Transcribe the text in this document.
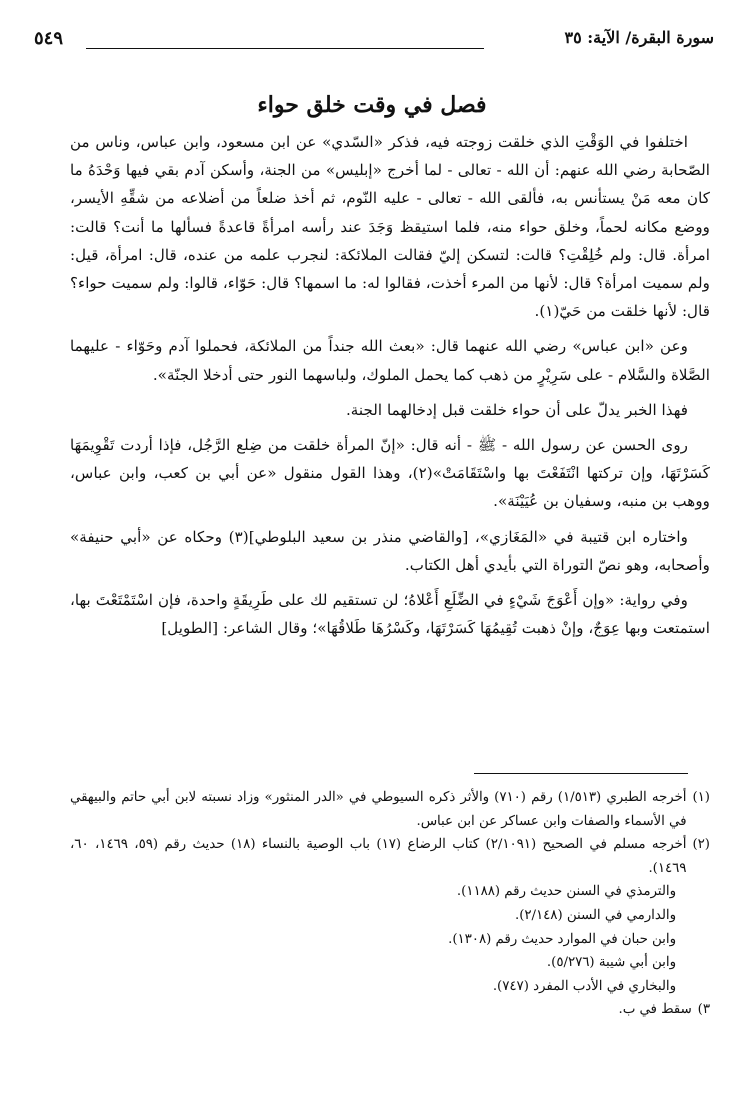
سورة البقرة/ الآية: ٣٥
٥٤٩
فصل في وقت خلق حواء

اختلفوا في الوَقْتِ الذي خلقت زوجته فيه، فذكر «السّدي» عن ابن مسعود، وابن عباس، وناس من الصّحابة رضي الله عنهم: أن الله - تعالى - لما أخرج «إبليس» من الجنة، وأسكن آدم بقي فيها وَحْدَهُ ما كان معه مَنْ يستأنس به، فألقى الله - تعالى - عليه النّوم، ثم أخذ ضلعاً من أضلاعه من شقِّهِ الأيسر، ووضع مكانه لحماً، وخلق حواء منه، فلما استيقظ وَجَدَ عند رأسه امرأةً قاعدةً فسألها ما أنت؟ قالت: امرأة. قال: ولم خُلِقْتِ؟ قالت: لتسكن إليّ فقالت الملائكة: لنجرب علمه من عنده، قال: امرأة، قيل: ولم سميت امرأة؟ قال: لأنها من المرء أخذت، فقالوا له: ما اسمها؟ قال: حَوّاء، قالوا: ولم سميت حواء؟ قال: لأنها خلقت من حَيّ(١).

وعن «ابن عباس» رضي الله عنهما قال: «بعث الله جنداً من الملائكة، فحملوا آدم وحَوّاء - عليهما الصَّلاة والسَّلام - على سَرِيْرٍ من ذهب كما يحمل الملوك، ولباسهما النور حتى أدخلا الجنّة».

فهذا الخبر يدلّ على أن حواء خلقت قبل إدخالهما الجنة.

روى الحسن عن رسول الله - ﷺ - أنه قال: «إنّ المرأة خلقت من ضِلع الرَّجُل، فإذا أردت تَقْوِيمَهَا كَسَرْتَهَا، وإن تركتها انْتَفَعْتَ بها واسْتَقَامَتْ»(٢)، وهذا القول منقول «عن أبي بن كعب، وابن عباس، ووهب بن منبه، وسفيان بن عُيَيْنَة».

واختاره ابن قتيبة في «المَغَازي»، [والقاضي منذر بن سعيد البلوطي](٣) وحكاه عن «أبي حنيفة» وأصحابه، وهو نصّ التوراة التي بأيدي أهل الكتاب.

وفي رواية: «وإن أَعْوَجَ شَيْءٍ في الضِّلَعِ أَعْلاهُ؛ لن تستقيم لك على طَرِيقَةٍ واحدة، فإن اسْتَمْتَعْتَ بها، استمتعت وبها عِوَجٌ، وإنْ ذهبت تُقِيمُهَا كَسَرْتَهَا، وكَسْرُهَا طَلاقُهَا»؛ وقال الشاعر: [الطويل]

(١)
أخرجه الطبري (١/٥١٣) رقم (٧١٠) والأثر ذكره السيوطي في «الدر المنثور» وزاد نسبته لابن أبي حاتم والبيهقي في الأسماء والصفات وابن عساكر عن ابن عباس.
(٢)
أخرجه مسلم في الصحيح (٢/١٠٩١) كتاب الرضاع (١٧) باب الوصية بالنساء (١٨) حديث رقم (٥٩، ١٤٦٩، ٦٠، ١٤٦٩).
والترمذي في السنن حديث رقم (١١٨٨).
والدارمي في السنن (٢/١٤٨).
وابن حبان في الموارد حديث رقم (١٣٠٨).
وابن أبي شيبة (٥/٢٧٦).
والبخاري في الأدب المفرد (٧٤٧).
٣)
سقط في ب.
